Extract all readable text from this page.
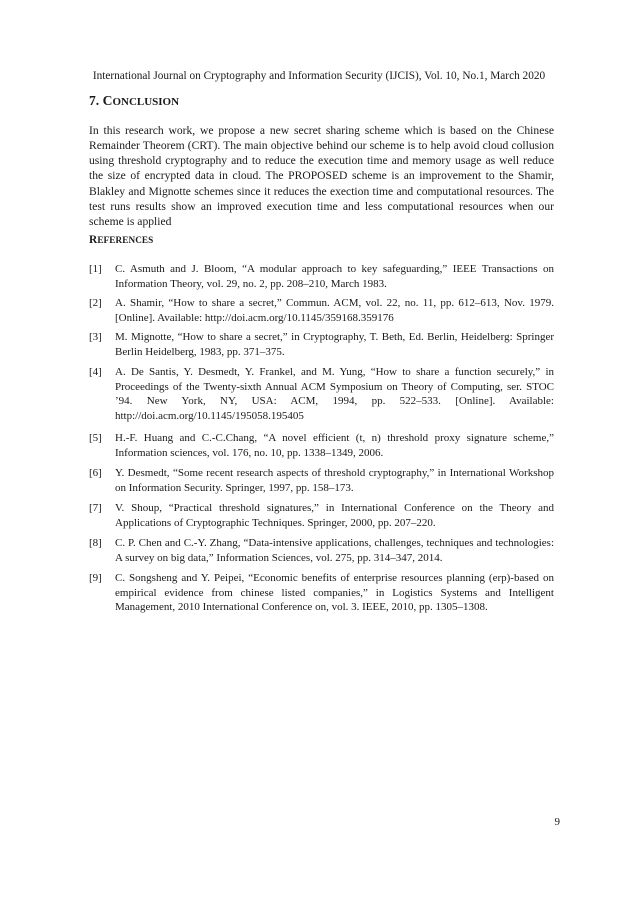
International Journal on Cryptography and Information Security (IJCIS), Vol. 10, No.1, March 2020
7. CONCLUSION

In this research work, we propose a new secret sharing scheme which is based on the Chinese Remainder Theorem (CRT). The main objective behind our scheme is to help avoid cloud collusion using threshold cryptography and to reduce the execution time and memory usage as well reduce the size of encrypted data in cloud. The PROPOSED scheme is an improvement to the Shamir, Blakley and Mignotte schemes since it reduces the exection time and computational resources. The test runs results show an improved execution time and less computational resources when our scheme is applied

REFERENCES
[1] C. Asmuth and J. Bloom, “A modular approach to key safeguarding,” IEEE Transactions on Information Theory, vol. 29, no. 2, pp. 208–210, March 1983.
[2] A. Shamir, “How to share a secret,” Commun. ACM, vol. 22, no. 11, pp. 612–613, Nov. 1979. [Online]. Available: http://doi.acm.org/10.1145/359168.359176
[3] M. Mignotte, “How to share a secret,” in Cryptography, T. Beth, Ed. Berlin, Heidelberg: Springer Berlin Heidelberg, 1983, pp. 371–375.
[4] A. De Santis, Y. Desmedt, Y. Frankel, and M. Yung, “How to share a function securely,” in Proceedings of the Twenty-sixth Annual ACM Symposium on Theory of Computing, ser. STOC ’94. New York, NY, USA: ACM, 1994, pp. 522–533. [Online]. Available: http://doi.acm.org/10.1145/195058.195405
[5] H.-F. Huang and C.-C.Chang, “A novel efficient (t, n) threshold proxy signature scheme,” Information sciences, vol. 176, no. 10, pp. 1338–1349, 2006.
[6] Y. Desmedt, “Some recent research aspects of threshold cryptography,” in International Workshop on Information Security. Springer, 1997, pp. 158–173.
[7] V. Shoup, “Practical threshold signatures,” in International Conference on the Theory and Applications of Cryptographic Techniques. Springer, 2000, pp. 207–220.
[8] C. P. Chen and C.-Y. Zhang, “Data-intensive applications, challenges, techniques and technologies: A survey on big data,” Information Sciences, vol. 275, pp. 314–347, 2014.
[9] C. Songsheng and Y. Peipei, “Economic benefits of enterprise resources planning (erp)-based on empirical evidence from chinese listed companies,” in Logistics Systems and Intelligent Management, 2010 International Conference on, vol. 3. IEEE, 2010, pp. 1305–1308.
9
